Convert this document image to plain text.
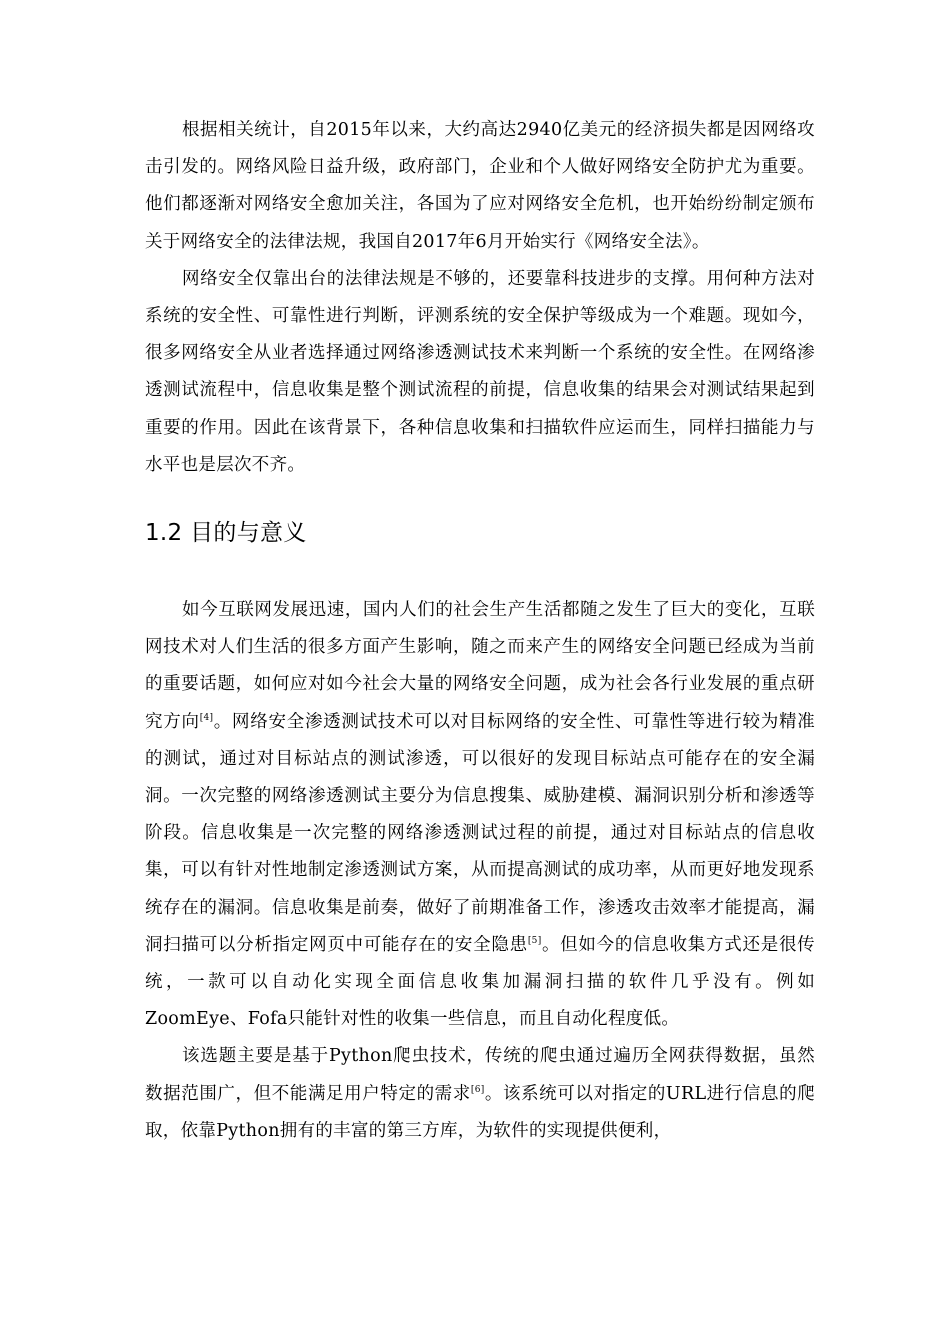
根据相关统计，自2015年以来，大约高达2940亿美元的经济损失都是因网络攻击引发的。网络风险日益升级，政府部门，企业和个人做好网络安全防护尤为重要。他们都逐渐对网络安全愈加关注，各国为了应对网络安全危机，也开始纷纷制定颁布关于网络安全的法律法规，我国自2017年6月开始实行《网络安全法》。

网络安全仅靠出台的法律法规是不够的，还要靠科技进步的支撑。用何种方法对系统的安全性、可靠性进行判断，评测系统的安全保护等级成为一个难题。现如今，很多网络安全从业者选择通过网络渗透测试技术来判断一个系统的安全性。在网络渗透测试流程中，信息收集是整个测试流程的前提，信息收集的结果会对测试结果起到重要的作用。因此在该背景下，各种信息收集和扫描软件应运而生，同样扫描能力与水平也是层次不齐。

1.2 目的与意义

如今互联网发展迅速，国内人们的社会生产生活都随之发生了巨大的变化，互联网技术对人们生活的很多方面产生影响，随之而来产生的网络安全问题已经成为当前的重要话题，如何应对如今社会大量的网络安全问题，成为社会各行业发展的重点研究方向[4]。网络安全渗透测试技术可以对目标网络的安全性、可靠性等进行较为精准的测试，通过对目标站点的测试渗透，可以很好的发现目标站点可能存在的安全漏洞。一次完整的网络渗透测试主要分为信息搜集、威胁建模、漏洞识别分析和渗透等阶段。信息收集是一次完整的网络渗透测试过程的前提，通过对目标站点的信息收集，可以有针对性地制定渗透测试方案，从而提高测试的成功率，从而更好地发现系统存在的漏洞。信息收集是前奏，做好了前期准备工作，渗透攻击效率才能提高，漏洞扫描可以分析指定网页中可能存在的安全隐患[5]。但如今的信息收集方式还是很传统，一款可以自动化实现全面信息收集加漏洞扫描的软件几乎没有。例如ZoomEye、Fofa只能针对性的收集一些信息，而且自动化程度低。

该选题主要是基于Python爬虫技术，传统的爬虫通过遍历全网获得数据，虽然数据范围广，但不能满足用户特定的需求[6]。该系统可以对指定的URL进行信息的爬取，依靠Python拥有的丰富的第三方库，为软件的实现提供便利，
